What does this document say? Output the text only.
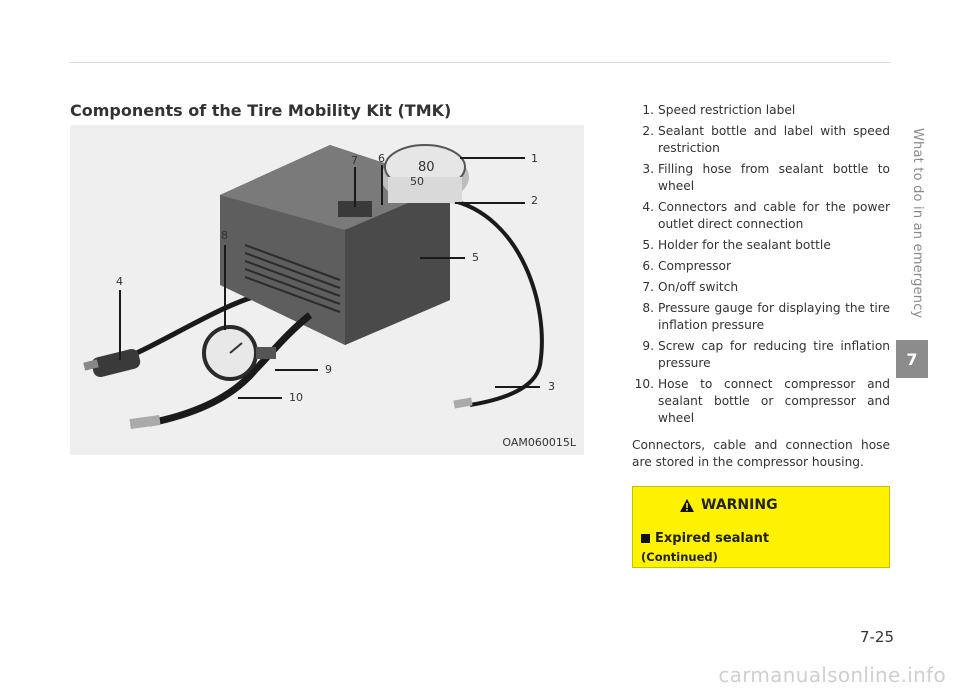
Components of the Tire Mobility Kit (TMK)
80
50
1
2
3
4
5
6
7
8
9
10
OAM060015L
1. Speed restriction label
2. Sealant bottle and label with speed restriction
3. Filling hose from sealant bottle to wheel
4. Connectors and cable for the power outlet direct connection
5. Holder for the sealant bottle
6. Compressor
7. On/off switch
8. Pressure gauge for displaying the tire inflation pressure
9. Screw cap for reducing tire inflation pressure
10. Hose to connect compressor and sealant bottle or compressor and wheel

Connectors, cable and connection hose are stored in the compressor housing.

WARNING
Expired sealant
(Continued)
What to do in an emergency
7
7-25
carmanualsonline.info
